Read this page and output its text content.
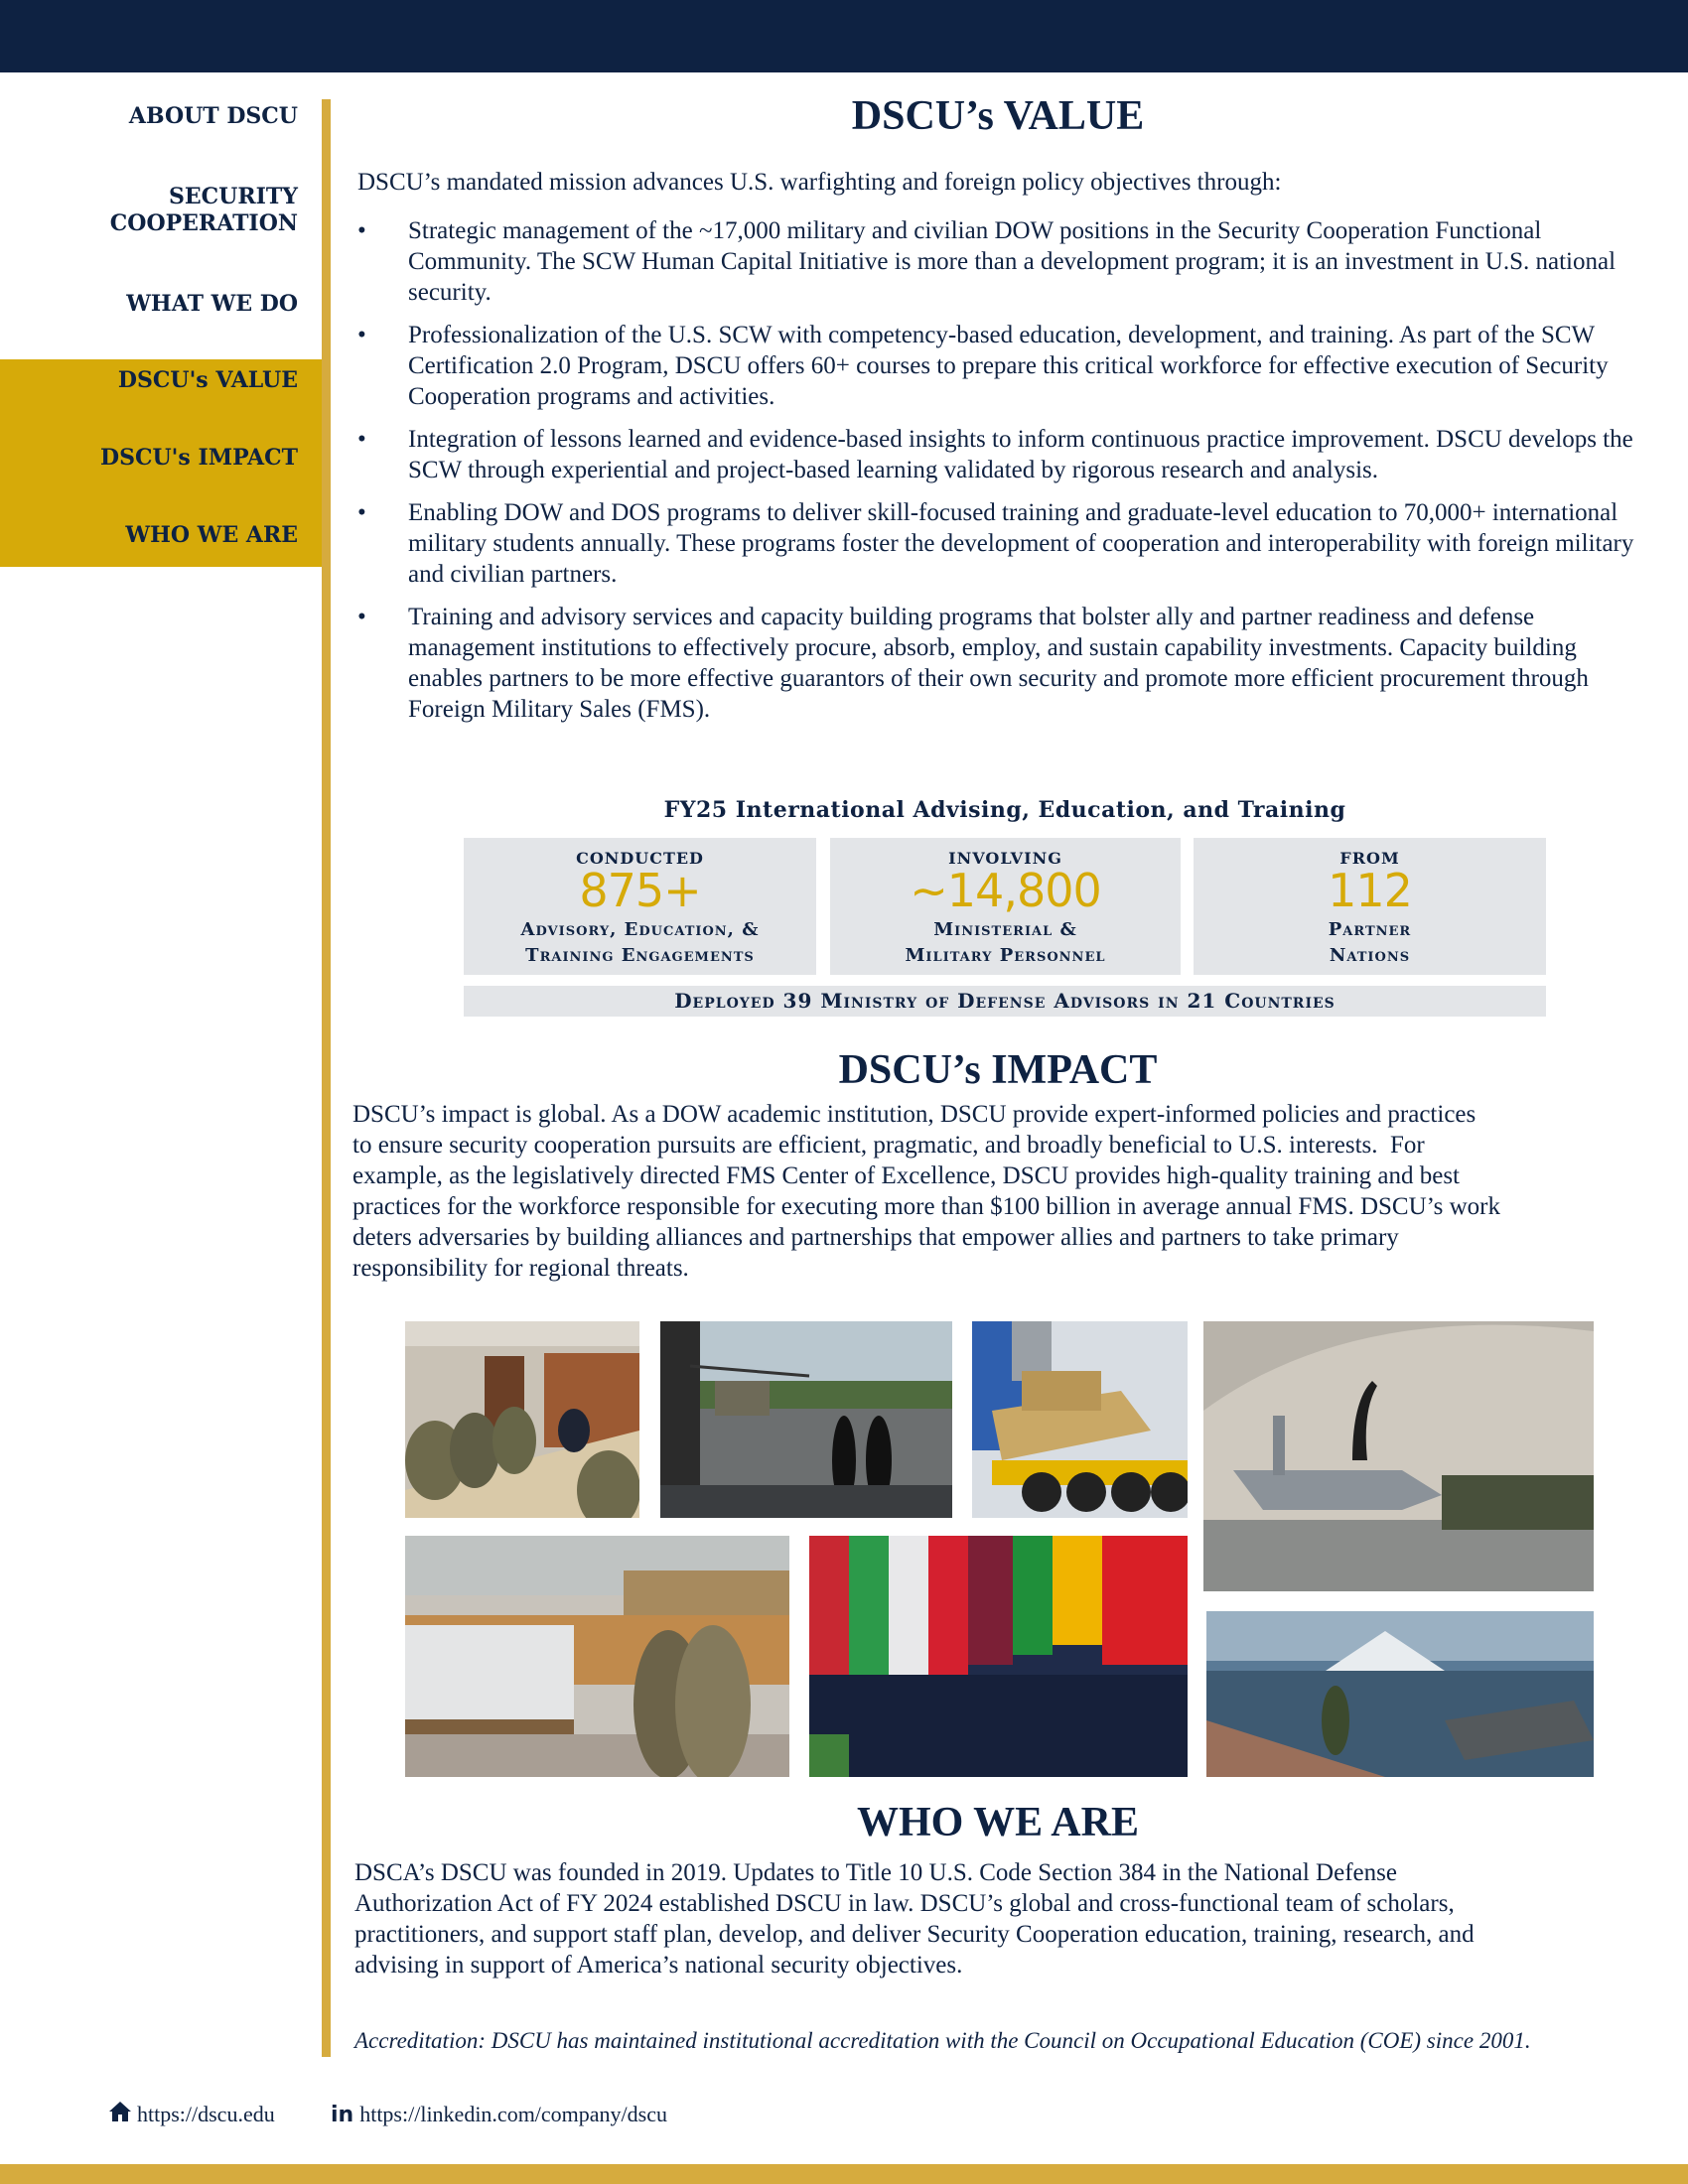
ABOUT DSCU
SECURITY
COOPERATION
WHAT WE DO
DSCU's VALUE
DSCU's IMPACT
WHO WE ARE
DSCU’s VALUE
DSCU’s mandated mission advances U.S. warfighting and foreign policy objectives through:
• Strategic management of the ~17,000 military and civilian DOW positions in the Security Cooperation Functional Community. The SCW Human Capital Initiative is more than a development program; it is an investment in U.S. national security.
• Professionalization of the U.S. SCW with competency-based education, development, and training. As part of the SCW Certification 2.0 Program, DSCU offers 60+ courses to prepare this critical workforce for effective execution of Security Cooperation programs and activities.
• Integration of lessons learned and evidence-based insights to inform continuous practice improvement. DSCU develops the SCW through experiential and project-based learning validated by rigorous research and analysis.
• Enabling DOW and DOS programs to deliver skill-focused training and graduate-level education to 70,000+ international military students annually. These programs foster the development of cooperation and interoperability with foreign military and civilian partners.
• Training and advisory services and capacity building programs that bolster ally and partner readiness and defense management institutions to effectively procure, absorb, employ, and sustain capability investments. Capacity building enables partners to be more effective guarantors of their own security and promote more efficient procurement through Foreign Military Sales (FMS).
FY25 International Advising, Education, and Training
CONDUCTED
875+
Advisory, Education, &
Training Engagements
INVOLVING
~14,800
Ministerial &
Military Personnel
FROM
112
Partner
Nations
Deployed 39 Ministry of Defense Advisors in 21 Countries
DSCU’s IMPACT
DSCU’s impact is global. As a DOW academic institution, DSCU provide expert-informed policies and practices
to ensure security cooperation pursuits are efficient, pragmatic, and broadly beneficial to U.S. interests.  For
example, as the legislatively directed FMS Center of Excellence, DSCU provides high-quality training and best
practices for the workforce responsible for executing more than $100 billion in average annual FMS. DSCU’s work
deters adversaries by building alliances and partnerships that empower allies and partners to take primary
responsibility for regional threats.
WHO WE ARE
DSCA’s DSCU was founded in 2019. Updates to Title 10 U.S. Code Section 384 in the National Defense
Authorization Act of FY 2024 established DSCU in law. DSCU’s global and cross-functional team of scholars,
practitioners, and support staff plan, develop, and deliver Security Cooperation education, training, research, and
advising in support of America’s national security objectives.
Accreditation: DSCU has maintained institutional accreditation with the Council on Occupational Education (COE) since 2001.
https://dscu.edu	in https://linkedin.com/company/dscu
